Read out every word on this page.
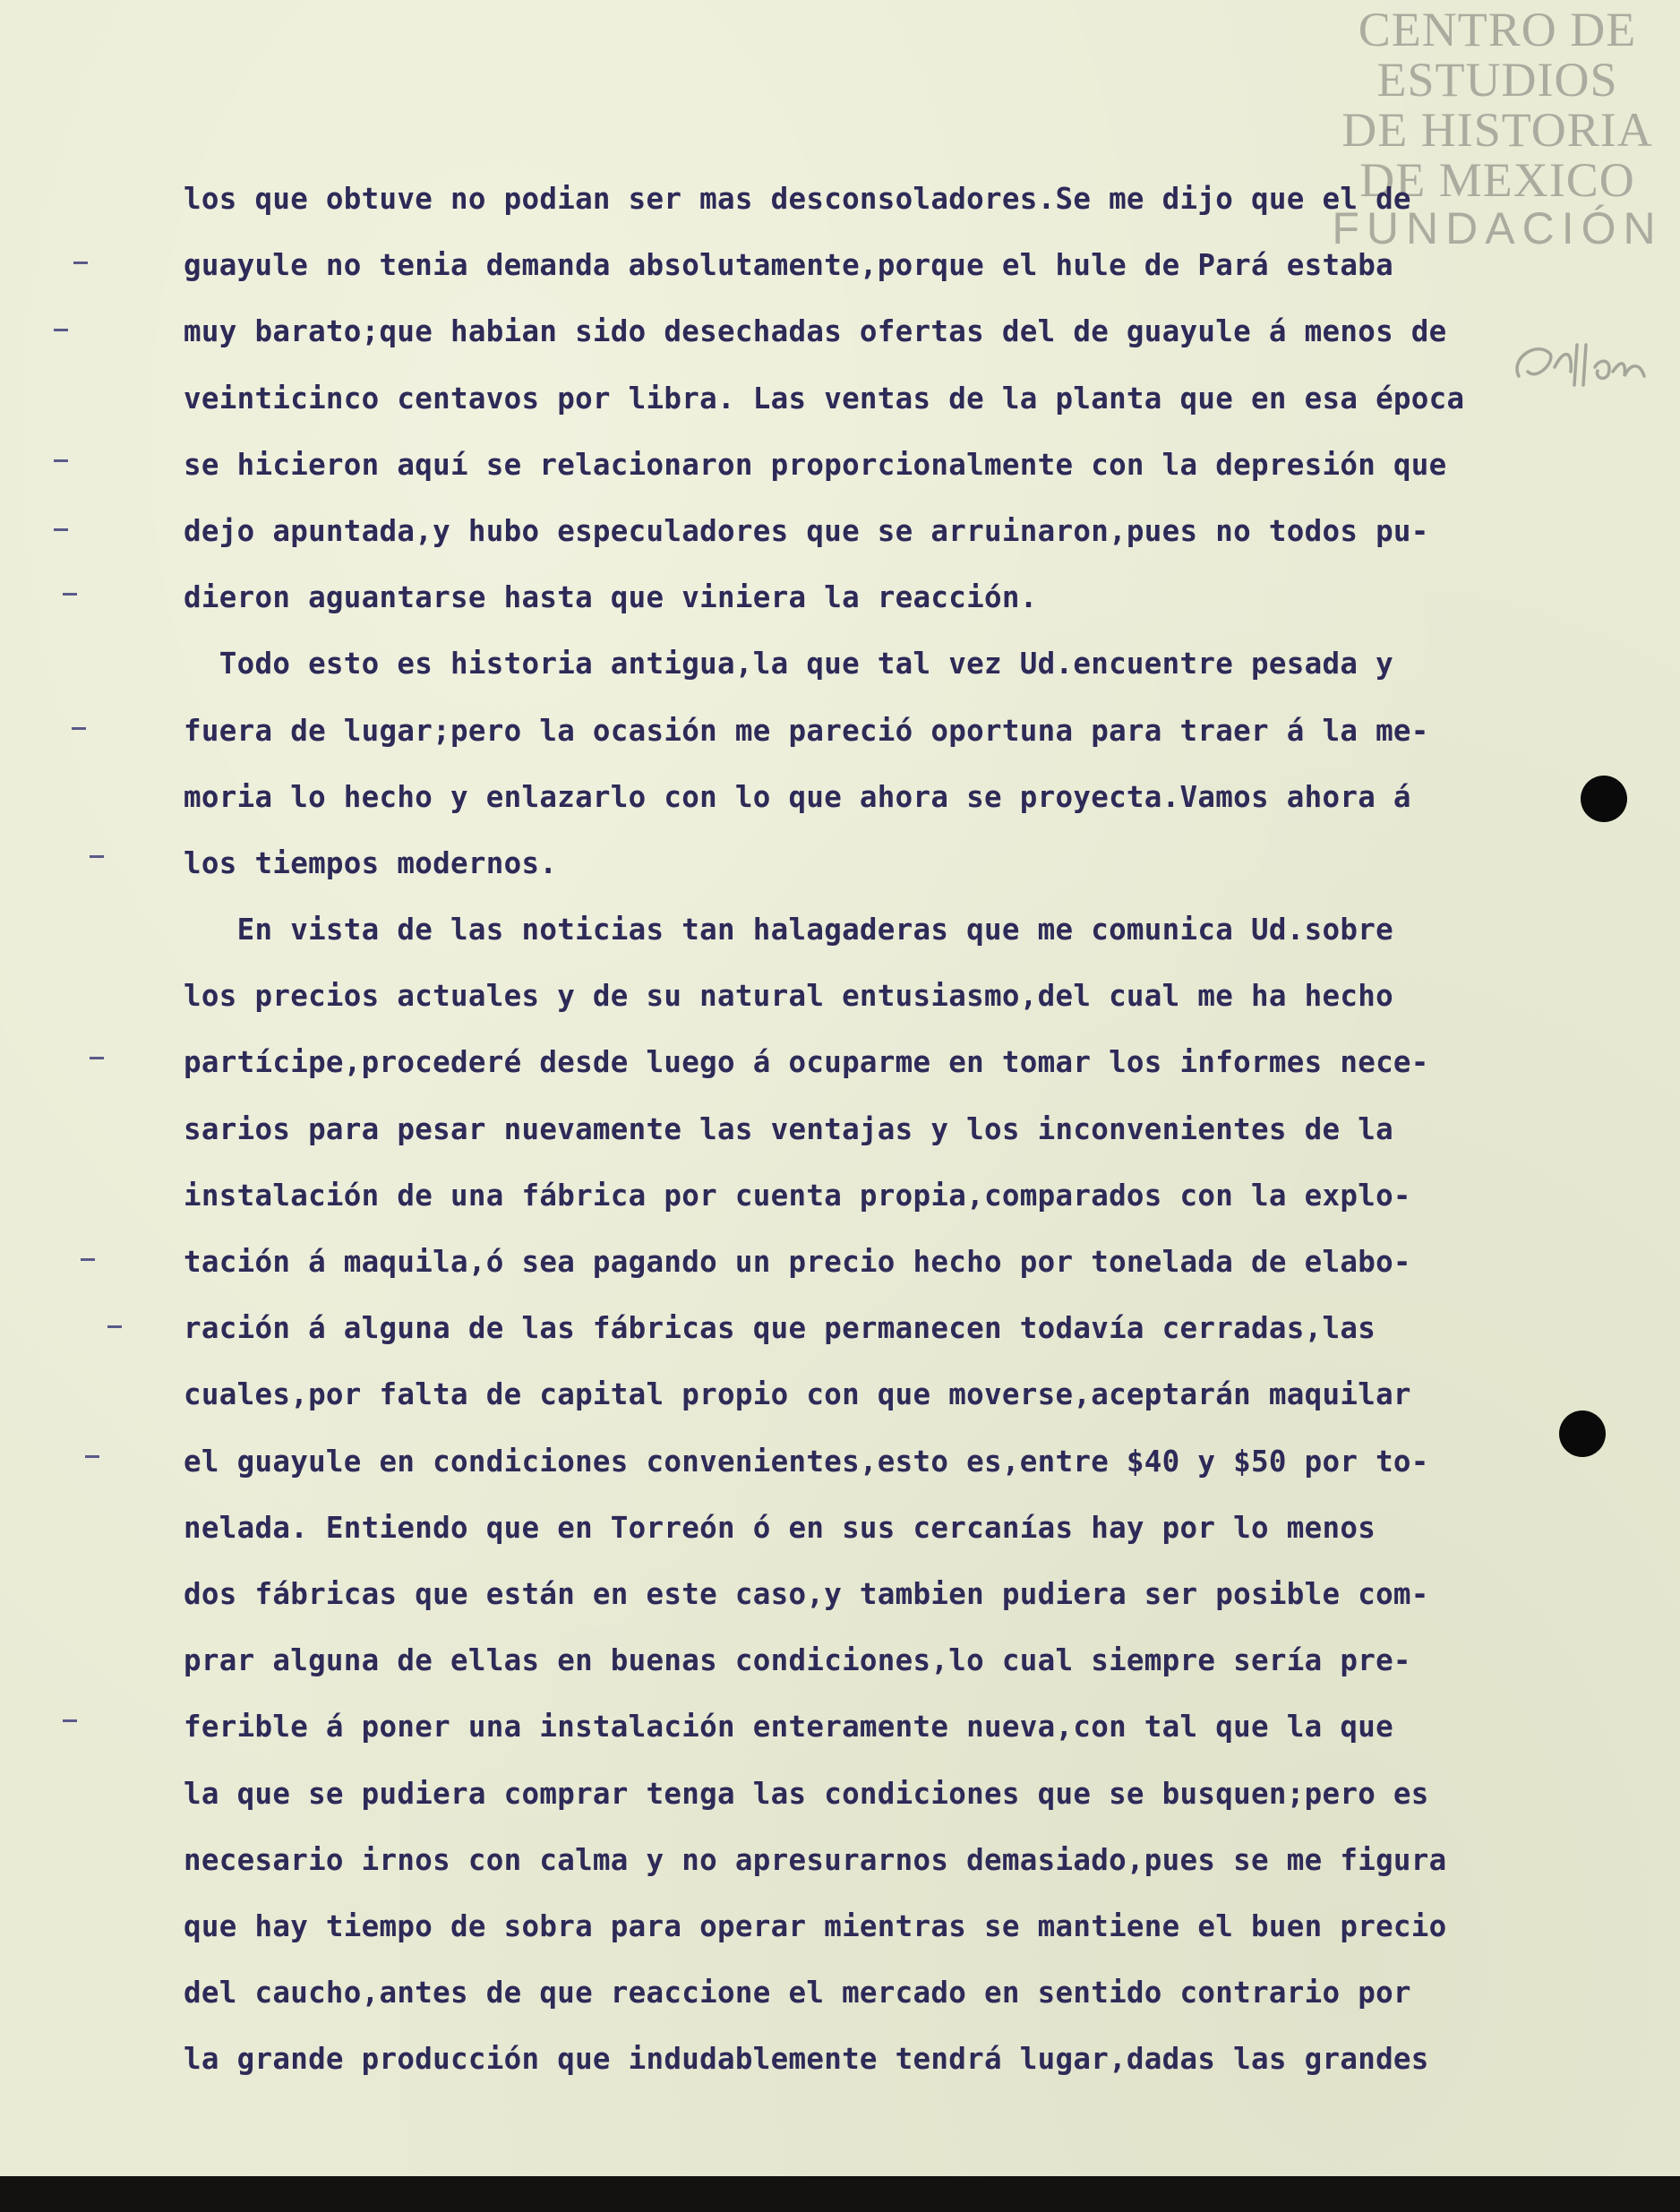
CENTRO DE
ESTUDIOS
DE HISTORIA
DE MEXICO
FUNDACIÓN
los que obtuve no podian ser mas desconsoladores.Se me dijo que el de
guayule no tenia demanda absolutamente,porque el hule de Pará estaba
muy barato;que habian sido desechadas ofertas del de guayule á menos de
veinticinco centavos por libra. Las ventas de la planta que en esa época
se hicieron aquí se relacionaron proporcionalmente con la depresión que
dejo apuntada,y hubo especuladores que se arruinaron,pues no todos pu-
dieron aguantarse hasta que viniera la reacción.
Todo esto es historia antigua,la que tal vez Ud.encuentre pesada y
fuera de lugar;pero la ocasión me pareció oportuna para traer á la me-
moria lo hecho y enlazarlo con lo que ahora se proyecta.Vamos ahora á
los tiempos modernos.
En vista de las noticias tan halagaderas que me comunica Ud.sobre
los precios actuales y de su natural entusiasmo,del cual me ha hecho
partícipe,procederé desde luego á ocuparme en tomar los informes nece-
sarios para pesar nuevamente las ventajas y los inconvenientes de la
instalación de una fábrica por cuenta propia,comparados con la explo-
tación á maquila,ó sea pagando un precio hecho por tonelada de elabo-
ración á alguna de las fábricas que permanecen todavía cerradas,las
cuales,por falta de capital propio con que moverse,aceptarán maquilar
el guayule en condiciones convenientes,esto es,entre $40 y $50 por to-
nelada. Entiendo que en Torreón ó en sus cercanías hay por lo menos
dos fábricas que están en este caso,y tambien pudiera ser posible com-
prar alguna de ellas en buenas condiciones,lo cual siempre sería pre-
ferible á poner una instalación enteramente nueva,con tal que la que
la que se pudiera comprar tenga las condiciones que se busquen;pero es
necesario irnos con calma y no apresurarnos demasiado,pues se me figura
que hay tiempo de sobra para operar mientras se mantiene el buen precio
del caucho,antes de que reaccione el mercado en sentido contrario por
la grande producción que indudablemente tendrá lugar,dadas las grandes
